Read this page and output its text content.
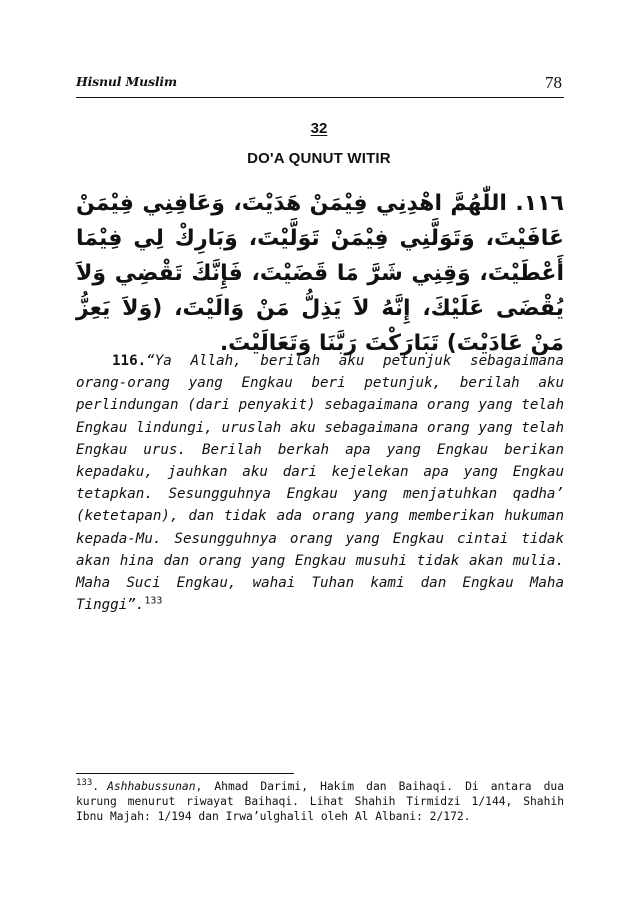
Hisnul Muslim	78
32
DO'A QUNUT WITIR
١١٦. اللّٰهُمَّ اهْدِنِي فِيْمَنْ هَدَيْتَ، وَعَافِنِي فِيْمَنْ عَافَيْتَ، وَتَوَلَّنِي فِيْمَنْ تَوَلَّيْتَ، وَبَارِكْ لِي فِيْمَا أَعْطَيْتَ، وَقِنِي شَرَّ مَا قَضَيْتَ، فَإِنَّكَ تَقْضِي وَلاَ يُقْضَى عَلَيْكَ، إِنَّهُ لاَ يَذِلُّ مَنْ وَالَيْتَ، (وَلاَ يَعِزُّ مَنْ عَادَيْتَ) تَبَارَكْتَ رَبَّنَا وَتَعَالَيْتَ.
116.“Ya Allah, berilah aku petunjuk sebagaimana orang-orang yang Engkau beri petunjuk, berilah aku perlindungan (dari penyakit) sebagaimana orang yang telah Engkau lindungi, uruslah aku sebagaimana orang yang telah Engkau urus. Berilah berkah apa yang Engkau berikan kepadaku, jauhkan aku dari kejelekan apa yang Engkau tetapkan. Sesungguhnya Engkau yang menjatuhkan qadha’ (ketetapan), dan tidak ada orang yang memberikan hukuman kepada-Mu. Sesungguhnya orang yang Engkau cintai tidak akan hina dan orang yang Engkau musuhi tidak akan mulia. Maha Suci Engkau, wahai Tuhan kami dan Engkau Maha Tinggi”.$^{133}$
$^{133}$. Ashhabussunan, Ahmad Darimi, Hakim dan Baihaqi. Di antara dua kurung menurut riwayat Baihaqi. Lihat Shahih Tirmidzi 1/144, Shahih Ibnu Majah: 1/194 dan Irwa’ulghalil oleh Al Albani: 2/172.
